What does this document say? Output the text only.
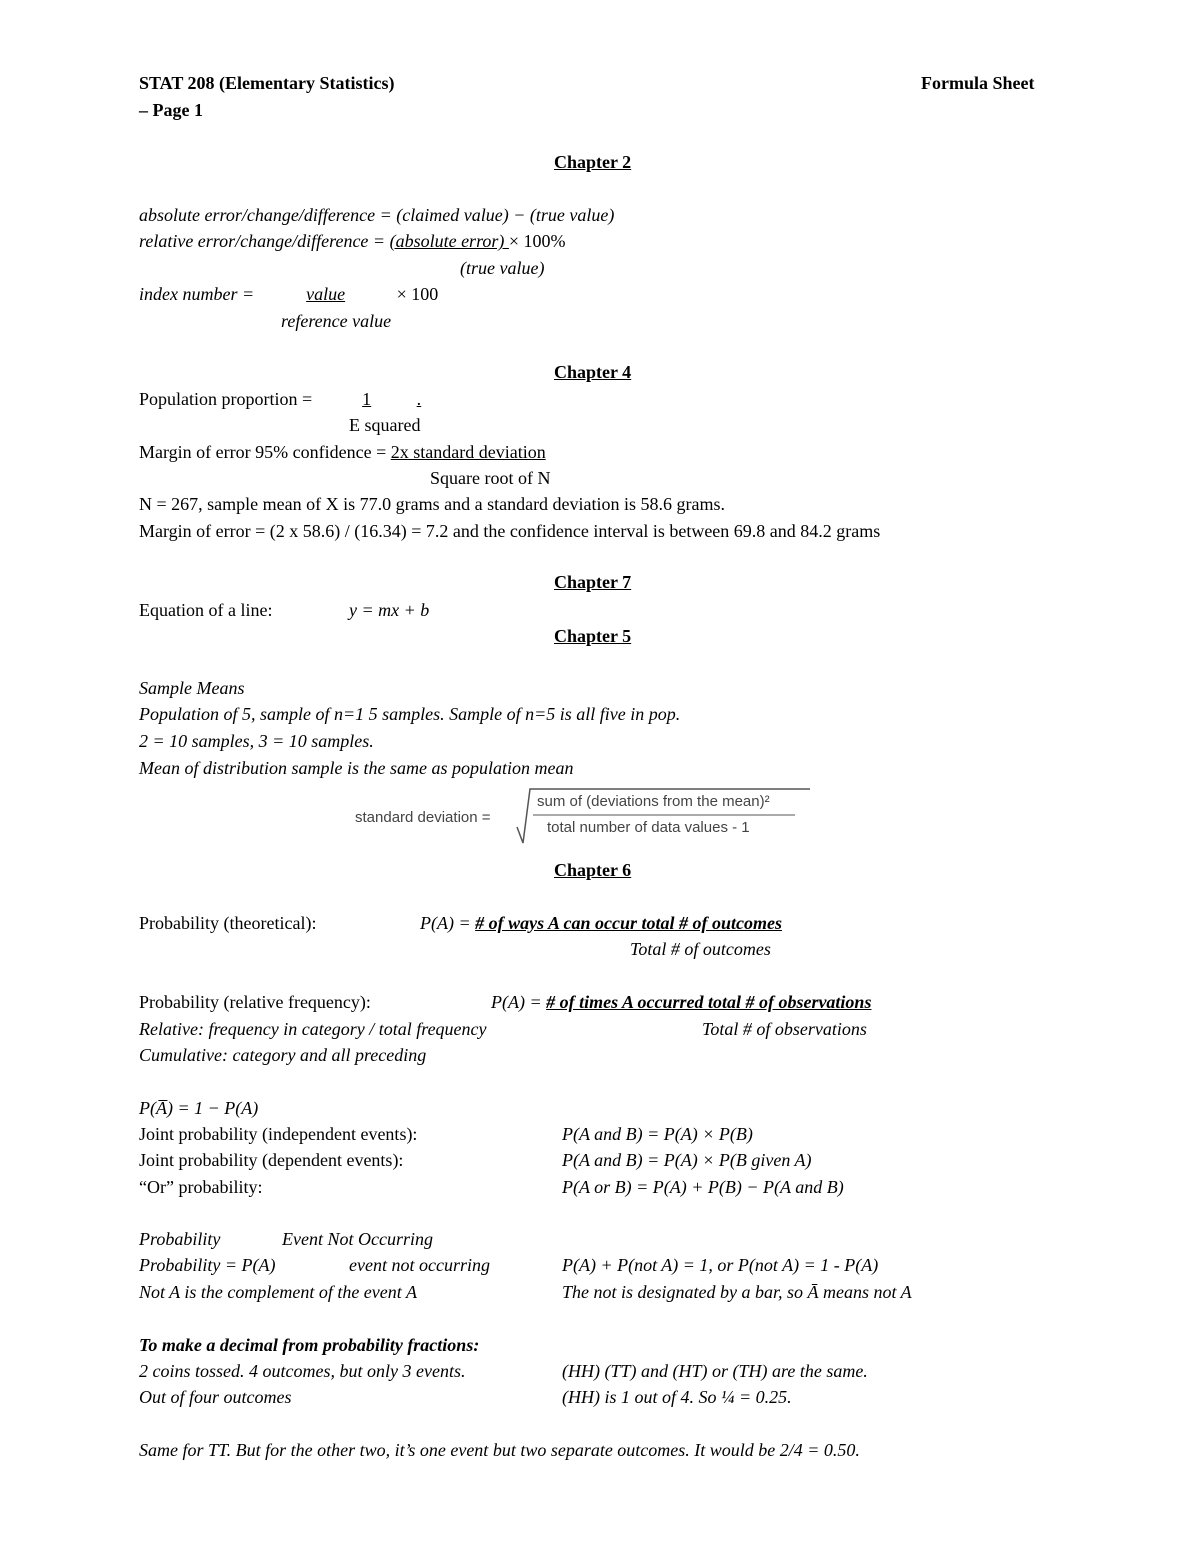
STAT 208 (Elementary Statistics)
– Page 1
Formula Sheet
Chapter 2
absolute error/change/difference = (claimed value) − (true value)
relative error/change/difference = (absolute error) × 100%
(true value)
index number =	value	× 100
reference value
Chapter 4
Population proportion =	1	.
E squared
Margin of error 95% confidence = 2x standard deviation
Square root of N
N = 267, sample mean of X is 77.0 grams and a standard deviation is 58.6 grams.
Margin of error = (2 x 58.6) / (16.34) = 7.2 and the confidence interval is between 69.8 and 84.2 grams
Chapter 7
Equation of a line:	y = mx + b
Chapter 5
Sample Means
Population of 5, sample of n=1 5 samples. Sample of n=5 is all five in pop.
2 = 10 samples, 3 = 10 samples.
Mean of distribution sample is the same as population mean
standard deviation =
sum of (deviations from the mean)²
total number of data values - 1
Chapter 6
Probability (theoretical):	P(A) = # of ways A can occur total # of outcomes
Total # of outcomes
Probability (relative frequency):	P(A) = # of times A occurred total # of observations
Relative: frequency in category / total frequency	Total # of observations
Cumulative: category and all preceding
P(A̅) = 1 − P(A)
Joint probability (independent events):	P(A and B) = P(A) × P(B)
Joint probability (dependent events):	P(A and B) = P(A) × P(B given A)
“Or” probability:	P(A or B) = P(A) + P(B) − P(A and B)
Probability	Event Not Occurring
Probability = P(A)	event not occurring	P(A) + P(not A) = 1, or P(not A) = 1 - P(A)
Not A is the complement of the event A	The not is designated by a bar, so Ā means not A
To make a decimal from probability fractions:
2 coins tossed. 4 outcomes, but only 3 events.	(HH) (TT) and (HT) or (TH) are the same.
Out of four outcomes	(HH) is 1 out of 4. So ¼ = 0.25.
Same for TT. But for the other two, it’s one event but two separate outcomes. It would be 2/4 = 0.50.
